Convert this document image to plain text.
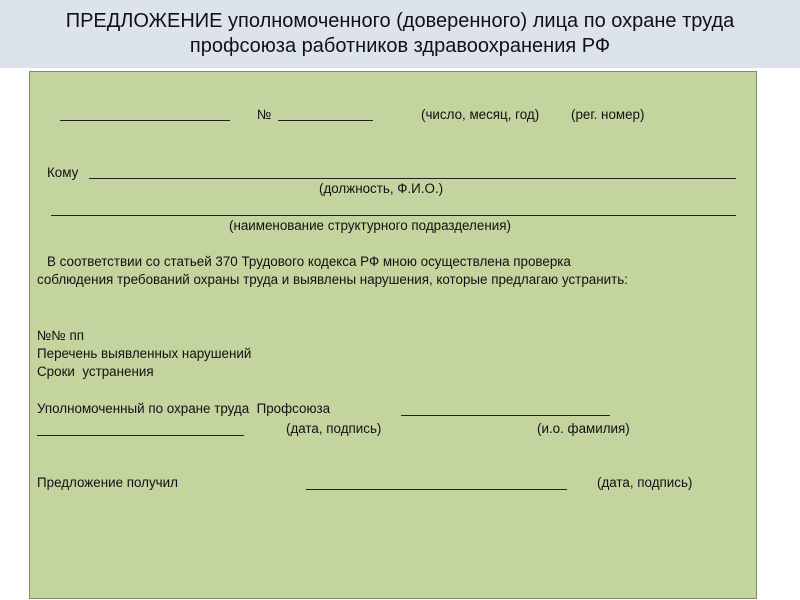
ПРЕДЛОЖЕНИЕ уполномоченного (доверенного) лица по охране труда
профсоюза работников здравоохранения РФ
№	(число, месяц, год) (рег. номер)
Кому
(должность, Ф.И.О.)
(наименование структурного подразделения)
В соответствии со статьей 370 Трудового кодекса РФ мною осуществлена проверка
соблюдения требований охраны труда и выявлены нарушения, которые предлагаю устранить:
№№ пп
Перечень выявленных нарушений
Сроки  устранения
Уполномоченный по охране труда  Профсоюза
(дата, подпись)	(и.о. фамилия)
Предложение получил	(дата, подпись)
